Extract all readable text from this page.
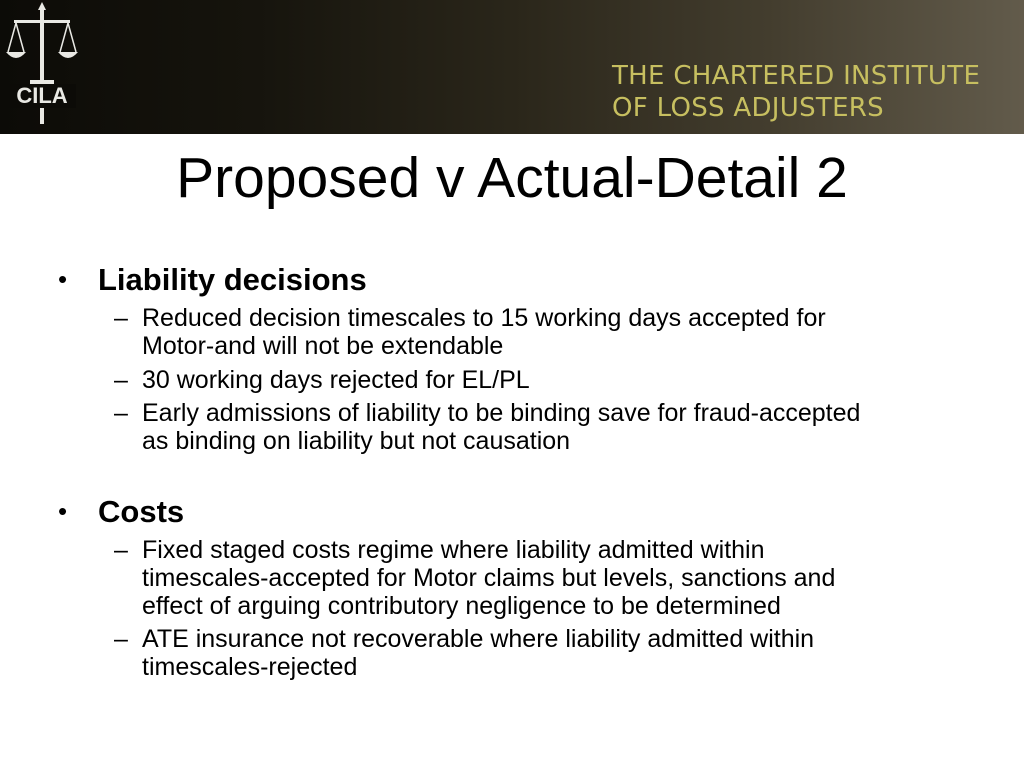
CILA
THE CHARTERED INSTITUTE
OF LOSS ADJUSTERS
Proposed v Actual-Detail 2
• Liability decisions
– Reduced decision timescales to 15 working days accepted for
Motor-and will not be extendable
– 30 working days rejected for EL/PL
– Early admissions of liability to be binding save for fraud-accepted
as binding on liability but not causation
• Costs
– Fixed staged costs regime where liability admitted within
timescales-accepted for Motor claims but levels, sanctions and
effect of arguing contributory negligence to be determined
– ATE insurance not recoverable where liability admitted within
timescales-rejected
